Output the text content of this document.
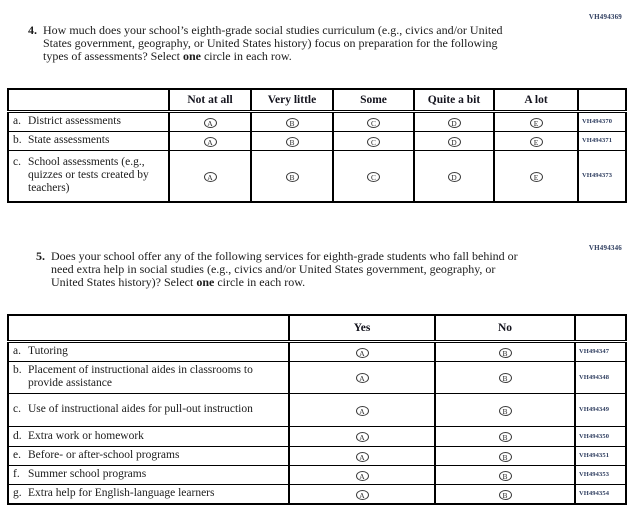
VH494369
4. How much does your school’s eighth-grade social studies curriculum (e.g., civics and/or United States government, geography, or United States history) focus on preparation for the following types of assessments? Select one circle in each row.

	Not at all	Very little	Some	Quite a bit	A lot	

a. District assessments	A	B	C	D	E	VH494370

b. State assessments	A	B	C	D	E	VH494371

c. School assessments (e.g., quizzes or tests created by teachers)	A	B	C	D	E	VH494373
VH494346
5. Does your school offer any of the following services for eighth-grade students who fall behind or need extra help in social studies (e.g., civics and/or United States government, geography, or United States history)? Select one circle in each row.

	Yes	No	

a. Tutoring	A	B	VH494347

b. Placement of instructional aides in classrooms to provide assistance	A	B	VH494348

c. Use of instructional aides for pull-out instruction	A	B	VH494349

d. Extra work or homework	A	B	VH494350

e. Before- or after-school programs	A	B	VH494351

f. Summer school programs	A	B	VH494353

g. Extra help for English-language learners	A	B	VH494354
